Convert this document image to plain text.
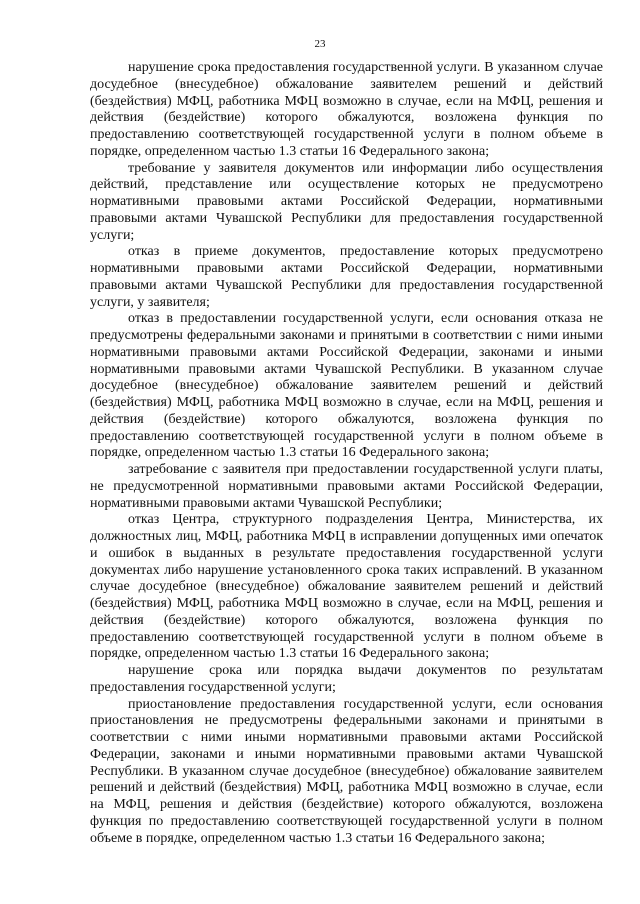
23

нарушение срока предоставления государственной услуги. В указанном случае досудебное (внесудебное) обжалование заявителем решений и действий (бездействия) МФЦ, работника МФЦ возможно в случае, если на МФЦ, решения и действия (бездействие) которого обжалуются, возложена функция по предоставлению соответствующей государственной услуги в полном объеме в порядке, определенном частью 1.3 статьи 16 Федерального закона;

требование у заявителя документов или информации либо осуществления действий, представление или осуществление которых не предусмотрено нормативными правовыми актами Российской Федерации, нормативными правовыми актами Чувашской Республики для предоставления государственной услуги;

отказ в приеме документов, предоставление которых предусмотрено нормативными правовыми актами Российской Федерации, нормативными правовыми актами Чувашской Республики для предоставления государственной услуги, у заявителя;

отказ в предоставлении государственной услуги, если основания отказа не предусмотрены федеральными законами и принятыми в соответствии с ними иными нормативными правовыми актами Российской Федерации, законами и иными нормативными правовыми актами Чувашской Республики. В указанном случае досудебное (внесудебное) обжалование заявителем решений и действий (бездействия) МФЦ, работника МФЦ возможно в случае, если на МФЦ, решения и действия (бездействие) которого обжалуются, возложена функция по предоставлению соответствующей государственной услуги в полном объеме в порядке, определенном частью 1.3 статьи 16 Федерального закона;

затребование с заявителя при предоставлении государственной услуги платы, не предусмотренной нормативными правовыми актами Российской Федерации, нормативными правовыми актами Чувашской Республики;

отказ Центра, структурного подразделения Центра, Министерства, их должностных лиц, МФЦ, работника МФЦ в исправлении допущенных ими опечаток и ошибок в выданных в результате предоставления государственной услуги документах либо нарушение установленного срока таких исправлений. В указанном случае досудебное (внесудебное) обжалование заявителем решений и действий (бездействия) МФЦ, работника МФЦ возможно в случае, если на МФЦ, решения и действия (бездействие) которого обжалуются, возложена функция по предоставлению соответствующей государственной услуги в полном объеме в порядке, определенном частью 1.3 статьи 16 Федерального закона;

нарушение срока или порядка выдачи документов по результатам предоставления государственной услуги;

приостановление предоставления государственной услуги, если основания приостановления не предусмотрены федеральными законами и принятыми в соответствии с ними иными нормативными правовыми актами Российской Федерации, законами и иными нормативными правовыми актами Чувашской Республики. В указанном случае досудебное (внесудебное) обжалование заявителем решений и действий (бездействия) МФЦ, работника МФЦ возможно в случае, если на МФЦ, решения и действия (бездействие) которого обжалуются, возложена функция по предоставлению соответствующей государственной услуги в полном объеме в порядке, определенном частью 1.3 статьи 16 Федерального закона;
